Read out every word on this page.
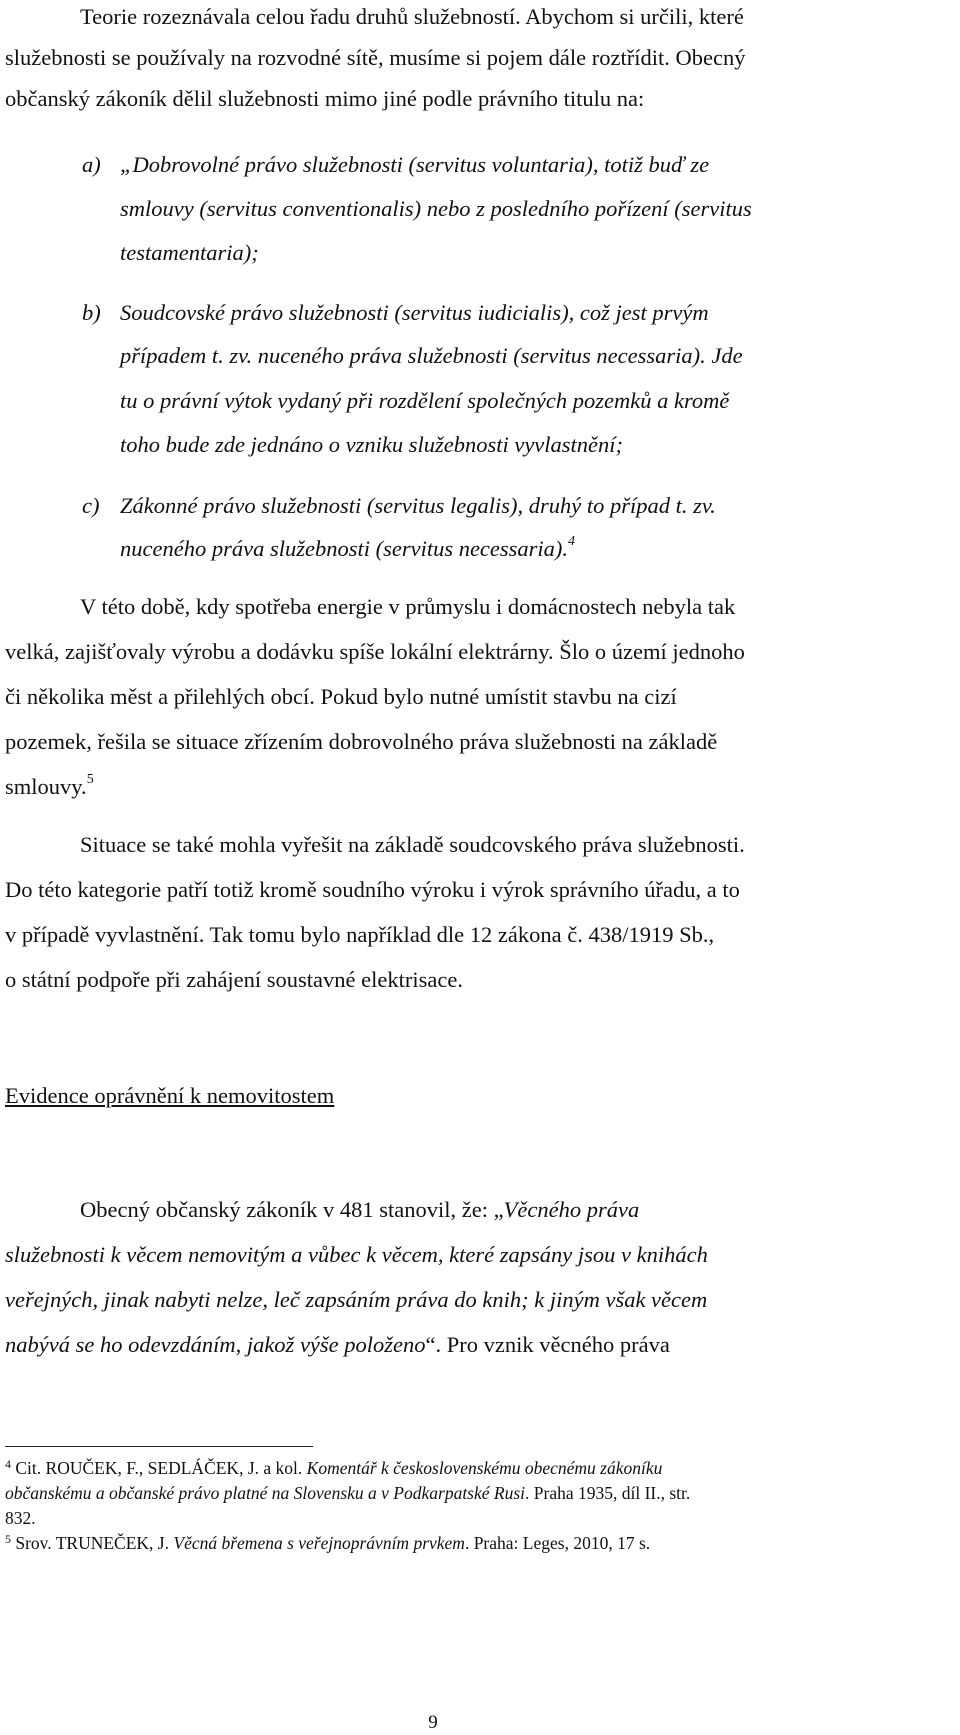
Teorie rozeznávala celou řadu druhů služebností. Abychom si určili, které
služebnosti se používaly na rozvodné sítě, musíme si pojem dále roztřídit. Obecný
občanský zákoník dělil služebnosti mimo jiné podle právního titulu na:
a) „Dobrovolné právo služebnosti (servitus voluntaria), totiž buď ze
smlouvy (servitus conventionalis) nebo z posledního pořízení (servitus
testamentaria);
b) Soudcovské právo služebnosti (servitus iudicialis), což jest prvým
případem t. zv. nuceného práva služebnosti (servitus necessaria). Jde
tu o právní výtok vydaný při rozdělení společných pozemků a kromě
toho bude zde jednáno o vzniku služebnosti vyvlastnění;
c) Zákonné právo služebnosti (servitus legalis), druhý to případ t. zv.
nuceného práva služebnosti (servitus necessaria).$^4$
V této době, kdy spotřeba energie v průmyslu i domácnostech nebyla tak
velká, zajišťovaly výrobu a dodávku spíše lokální elektrárny. Šlo o území jednoho
či několika měst a přilehlých obcí. Pokud bylo nutné umístit stavbu na cizí
pozemek, řešila se situace zřízením dobrovolného práva služebnosti na základě
smlouvy.$^5$
Situace se také mohla vyřešit na základě soudcovského práva služebnosti.
Do této kategorie patří totiž kromě soudního výroku i výrok správního úřadu, a to
v případě vyvlastnění. Tak tomu bylo například dle 12 zákona č. 438/1919 Sb.,
o státní podpoře při zahájení soustavné elektrisace.
Evidence oprávnění k nemovitostem
Obecný občanský zákoník v 481 stanovil, že: „Věcného práva
služebnosti k věcem nemovitým a vůbec k věcem, které zapsány jsou v knihách
veřejných, jinak nabyti nelze, leč zapsáním práva do knih; k jiným však věcem
nabývá se ho odevzdáním, jakož výše položeno“. Pro vznik věcného práva
$^4$ Cit. ROUČEK, F., SEDLÁČEK, J. a kol. Komentář k československému obecnému zákoníku
občanskému a občanské právo platné na Slovensku a v Podkarpatské Rusi. Praha 1935, díl II., str.
832.
$^5$ Srov. TRUNEČEK, J. Věcná břemena s veřejnoprávním prvkem. Praha: Leges, 2010, 17 s.
9
